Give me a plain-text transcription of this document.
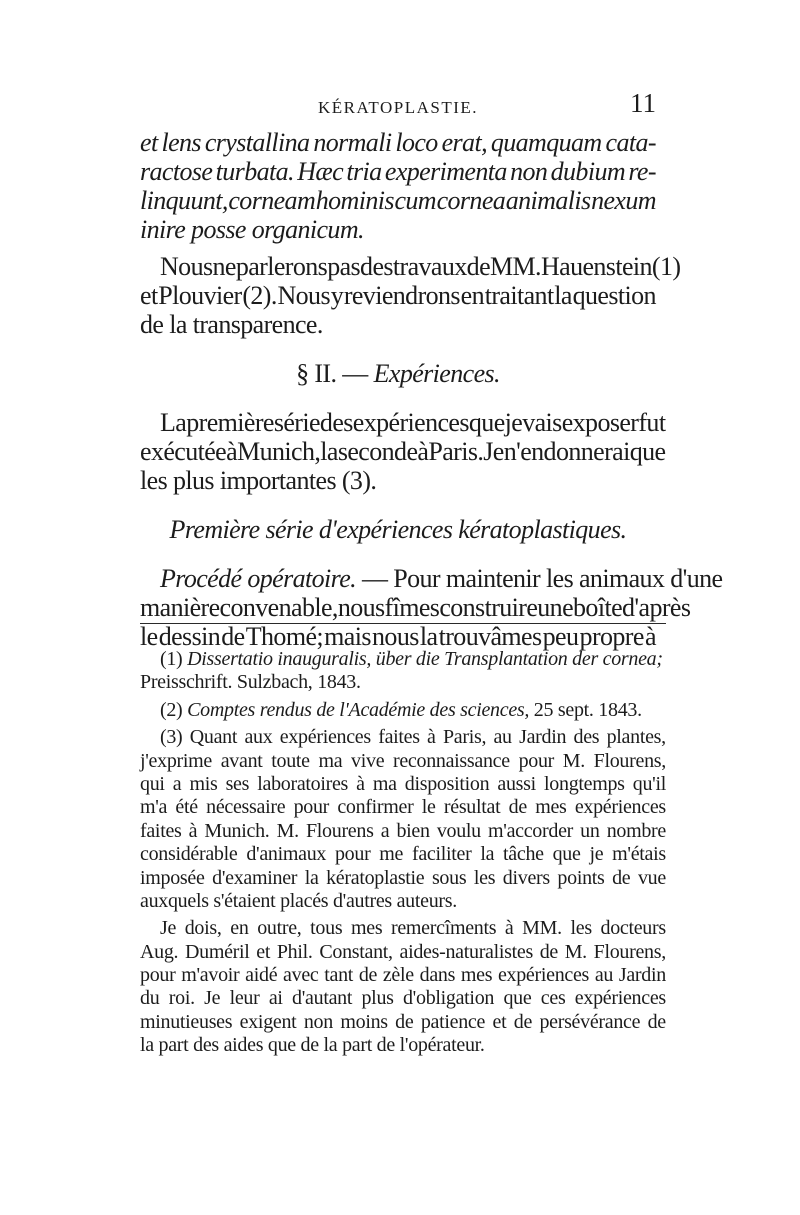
KÉRATOPLASTIE.	11
et lens crystallina normali loco erat, quamquam cata-
ractose turbata. Hæc tria experimenta non dubium re-
linquunt, corneam hominis cum cornea animalis nexum
inire posse organicum.
Nous ne parlerons pas des travaux de MM. Hauenstein (1)
et Plouvier (2). Nous y reviendrons en traitant la question
de la transparence.
§ II. — Expériences.
La première série des expériences que je vais exposer fut
exécutée à Munich, la seconde à Paris. Je n'en donnerai que
les plus importantes (3).
Première série d'expériences kératoplastiques.
Procédé opératoire. — Pour maintenir les animaux d'une
manière convenable, nous fîmes construire une boîte d'après
le dessin de Thomé; mais nous la trouvâmes peu propre à
(1) Dissertatio inauguralis, über die Transplantation der cornea;
Preisschrift. Sulzbach, 1843.
(2) Comptes rendus de l'Académie des sciences, 25 sept. 1843.
(3) Quant aux expériences faites à Paris, au Jardin des plantes,
j'exprime avant toute ma vive reconnaissance pour M. Flourens,
qui a mis ses laboratoires à ma disposition aussi longtemps qu'il
m'a été nécessaire pour confirmer le résultat de mes expériences
faites à Munich. M. Flourens a bien voulu m'accorder un nombre
considérable d'animaux pour me faciliter la tâche que je m'étais
imposée d'examiner la kératoplastie sous les divers points de vue
auxquels s'étaient placés d'autres auteurs.
Je dois, en outre, tous mes remercîments à MM. les docteurs
Aug. Duméril et Phil. Constant, aides-naturalistes de M. Flourens,
pour m'avoir aidé avec tant de zèle dans mes expériences au Jardin
du roi. Je leur ai d'autant plus d'obligation que ces expériences
minutieuses exigent non moins de patience et de persévérance de
la part des aides que de la part de l'opérateur.
